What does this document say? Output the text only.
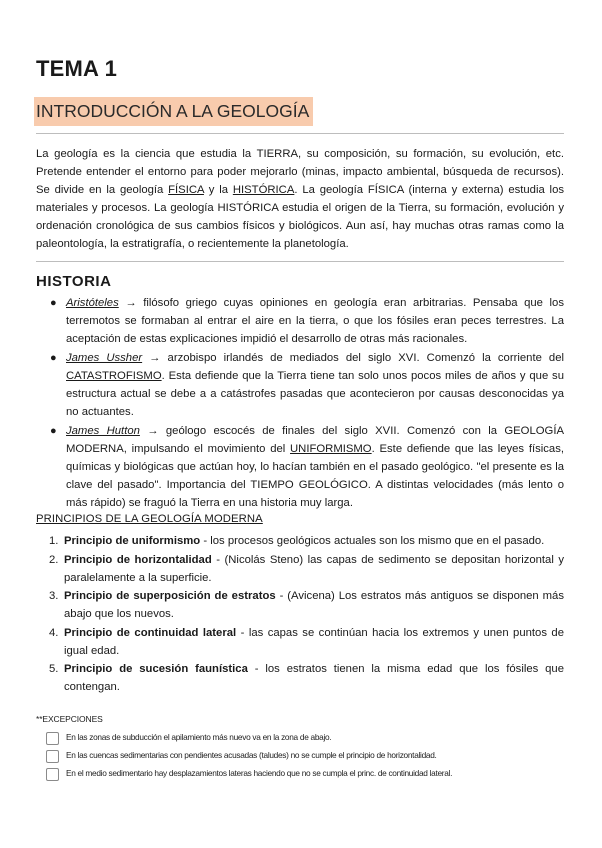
TEMA 1
INTRODUCCIÓN A LA GEOLOGÍA

La geología es la ciencia que estudia la TIERRA, su composición, su formación, su evolución, etc. Pretende entender el entorno para poder mejorarlo (minas, impacto ambiental, búsqueda de recursos). Se divide en la geología FÍSICA y la HISTÓRICA. La geología FÍSICA (interna y externa) estudia los materiales y procesos. La geología HISTÓRICA estudia el origen de la Tierra, su formación, evolución y ordenación cronológica de sus cambios físicos y biológicos. Aun así, hay muchas otras ramas como la paleontología, la estratigrafía, o recientemente la planetología.

HISTORIA
● Aristóteles → filósofo griego cuyas opiniones en geología eran arbitrarias. Pensaba que los terremotos se formaban al entrar el aire en la tierra, o que los fósiles eran peces terrestres. La aceptación de estas explicaciones impidió el desarrollo de otras más racionales.
● James Ussher → arzobispo irlandés de mediados del siglo XVI. Comenzó la corriente del CATASTROFISMO. Esta defiende que la Tierra tiene tan solo unos pocos miles de años y que su estructura actual se debe a a catástrofes pasadas que acontecieron por causas desconocidas ya no actuantes.
● James Hutton → geólogo escocés de finales del siglo XVII. Comenzó con la GEOLOGÍA MODERNA, impulsando el movimiento del UNIFORMISMO. Este defiende que las leyes físicas, químicas y biológicas que actúan hoy, lo hacían también en el pasado geológico. "el presente es la clave del pasado". Importancia del TIEMPO GEOLÓGICO. A distintas velocidades (más lento o más rápido) se fraguó la Tierra en una historia muy larga.
PRINCIPIOS DE LA GEOLOGÍA MODERNA
1. Principio de uniformismo - los procesos geológicos actuales son los mismo que en el pasado.
2. Principio de horizontalidad - (Nicolás Steno) las capas de sedimento se depositan horizontal y paralelamente a la superficie.
3. Principio de superposición de estratos - (Avicena) Los estratos más antiguos se disponen más abajo que los nuevos.
4. Principio de continuidad lateral - las capas se continúan hacia los extremos y unen puntos de igual edad.
5. Principio de sucesión faunística - los estratos tienen la misma edad que los fósiles que contengan.
**EXCEPCIONES
En las zonas de subducción el apilamiento más nuevo va en la zona de abajo.
En las cuencas sedimentarias con pendientes acusadas (taludes) no se cumple el principio de horizontalidad.
En el medio sedimentario hay desplazamientos lateras haciendo que no se cumpla el princ. de continuidad lateral.
